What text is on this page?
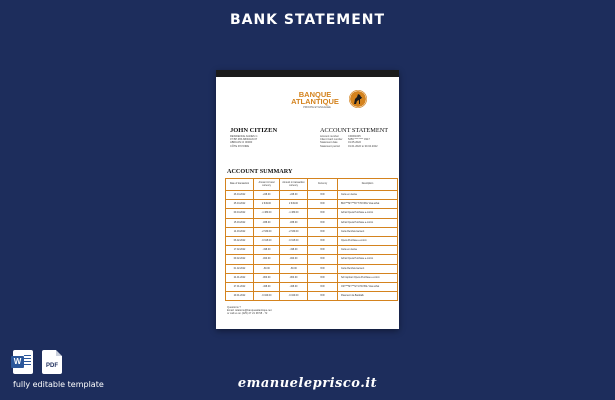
BANK STATEMENT
BANQUE
ATLANTIQUE
PROCHE ET ENGAGÉE
JOHN CITIZEN
RESIDENCE AGNES C.
07 BP 465 ABIDJAN 07
ABIDJAN CI 00000
CÔTE D'IVOIRE
ACCOUNT STATEMENT
Account number	CI0001005
Client Card number	5256 **** **** 0317
Statement date	01.05.2022
Statement period	01.01.2022 to 30.04.2022
ACCOUNT SUMMARY
Date of transaction	Amount in local currency	Amount in transaction currency	Currency	Description
26.04.2022	-248.00	-248.00	XOF	Carte en devise
25.04.2022	2 649.00	2 649.00	XOF	BUF***MY***DYT PAYPAL Visa achat
09.04.2022	-1 380.00	-1 380.00	XOF	Achat Opera Purchase e-comm
15.03.2022	-838.00	-838.00	XOF	Achat Opera Purchase e-comm
14.03.2022	-2 530.00	-2 530.00	XOF	Carte Remboursement
06.02.2022	-6 615.00	-6 615.00	XOF	Opera Purchase e-comm
17.02.2022	-198.00	-198.00	XOF	Carte en devise
09.02.2022	-820.00	-820.00	XOF	Achat Opera Purchase e-comm
01.02.2022	-80.00	-80.00	XOF	Carte Remboursement
24.01.2022	-800.00	-800.00	XOF	SA Inspirant Opera Purchase e-comm
27.01.2022	-328.00	-328.00	XOF	CST***MY***GT1 PAYPAL Visa achat
29.01.2022	-6 020.00	-6 020.00	XOF	Paiement via Banktalk
Questions ?
Email: relations@banqueatlantique.net
or call us on (225) 27 21 38 58 - 72
W	PDF
fully editable template	emanueleprisco.it
